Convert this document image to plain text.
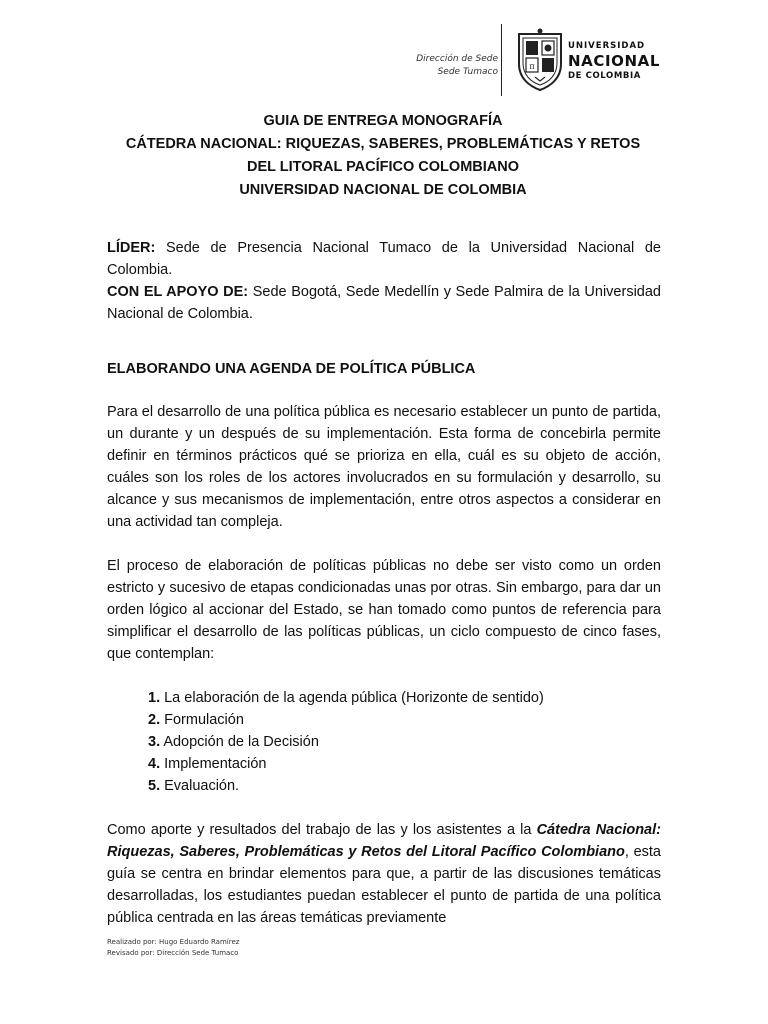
Dirección de Sede
Sede Tumaco
π
UNIVERSIDAD
NACIONAL
DE COLOMBIA
GUIA DE ENTREGA MONOGRAFÍA
CÁTEDRA NACIONAL: RIQUEZAS, SABERES, PROBLEMÁTICAS Y RETOS
DEL LITORAL PACÍFICO COLOMBIANO
UNIVERSIDAD NACIONAL DE COLOMBIA

LÍDER: Sede de Presencia Nacional Tumaco de la Universidad Nacional de Colombia.

CON EL APOYO DE: Sede Bogotá, Sede Medellín y Sede Palmira de la Universidad Nacional de Colombia.

ELABORANDO UNA AGENDA DE POLÍTICA PÚBLICA

Para el desarrollo de una política pública es necesario establecer un punto de partida, un durante y un después de su implementación. Esta forma de concebirla permite definir en términos prácticos qué se prioriza en ella, cuál es su objeto de acción, cuáles son los roles de los actores involucrados en su formulación y desarrollo, su alcance y sus mecanismos de implementación, entre otros aspectos a considerar en una actividad tan compleja.

El proceso de elaboración de políticas públicas no debe ser visto como un orden estricto y sucesivo de etapas condicionadas unas por otras. Sin embargo, para dar un orden lógico al accionar del Estado, se han tomado como puntos de referencia para simplificar el desarrollo de las políticas públicas, un ciclo compuesto de cinco fases, que contemplan:

1. La elaboración de la agenda pública (Horizonte de sentido)
2. Formulación
3. Adopción de la Decisión
4. Implementación
5. Evaluación.

Como aporte y resultados del trabajo de las y los asistentes a la Cátedra Nacional: Riquezas, Saberes, Problemáticas y Retos del Litoral Pacífico Colombiano, esta guía se centra en brindar elementos para que, a partir de las discusiones temáticas desarrolladas, los estudiantes puedan establecer el punto de partida de una política pública centrada en las áreas temáticas previamente

Realizado por: Hugo Eduardo Ramírez
Revisado por: Dirección Sede Tumaco
